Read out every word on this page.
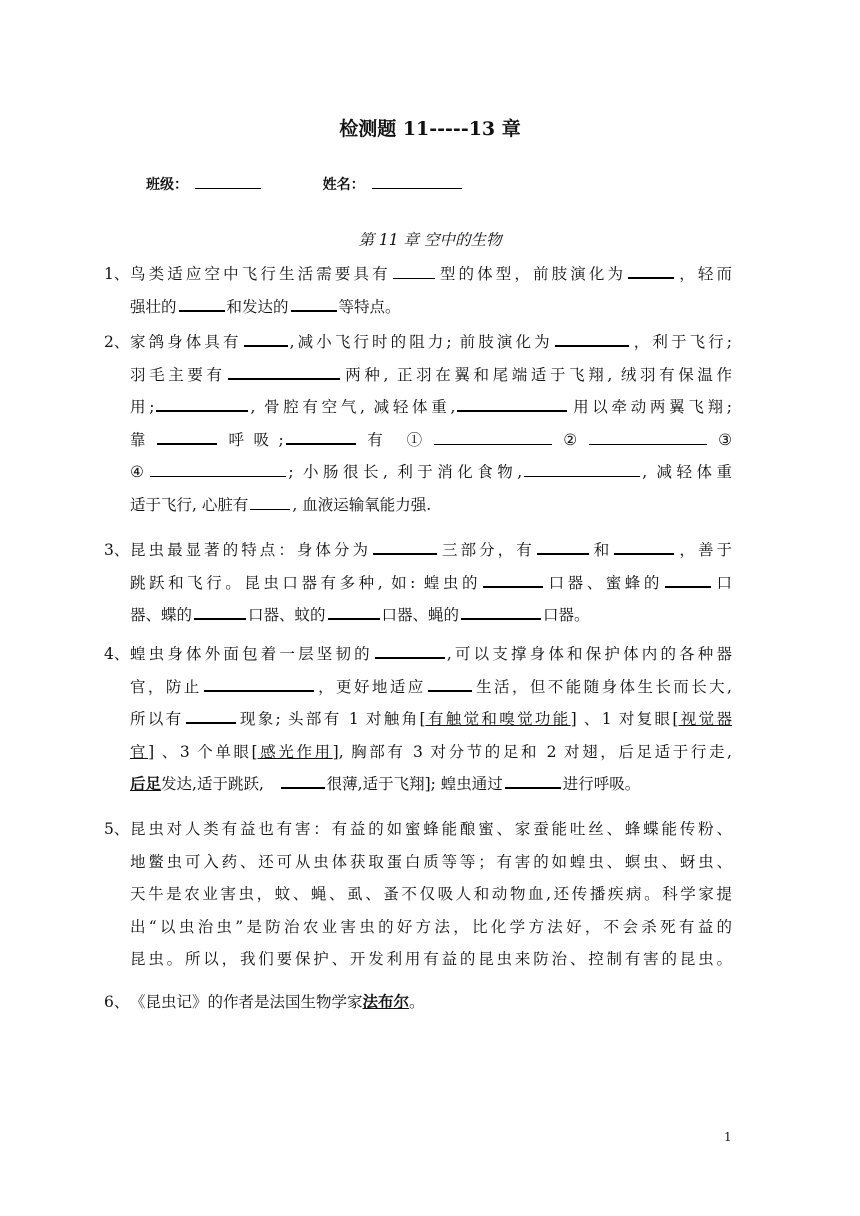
检测题 11-----13 章
班级：	姓名：
第 11 章 空中的生物
1、 鸟类适应空中飞行生活需要具有	型的体型，前肢演化为	，轻而
强壮的	和发达的	等特点。
2、 家鸽身体具有	,减小飞行时的阻力; 前肢演化为	，利于飞行;
羽毛主要有	两种, 正羽在翼和尾端适于飞翔, 绒羽有保温作
用;	, 骨腔有空气, 减轻体重,	用以牵动两翼飞翔;
靠	呼吸;	有 ①	②	③
④	; 小肠很长, 利于消化食物,	, 减轻体重
适于飞行, 心脏有	, 血液运输氧能力强.
3、 昆虫最显著的特点：身体分为	三部分，有	和	，善于
跳跃和飞行。昆虫口器有多种, 如: 蝗虫的	口器、蜜蜂的	口
器、蝶的	口器、蚊的	口器、蝇的	口器。
4、 蝗虫身体外面包着一层坚韧的	,可以支撑身体和保护体内的各种器
官，防止	，更好地适应	生活，但不能随身体生长而长大,
所以有	现象; 头部有 1 对触角[有触觉和嗅觉功能] 、1 对复眼[视觉器
官] 、3 个单眼[感光作用], 胸部有 3 对分节的足和 2 对翅，后足适于行走,
后足发达,适于跳跃,	很薄,适于飞翔]; 蝗虫通过	进行呼吸。
5、 昆虫对人类有益也有害：有益的如蜜蜂能酿蜜、家蚕能吐丝、蜂蝶能传粉、
地鳖虫可入药、还可从虫体获取蛋白质等等；有害的如蝗虫、螟虫、蚜虫、
天牛是农业害虫，蚊、蝇、虱、蚤不仅吸人和动物血,还传播疾病。科学家提
出“以虫治虫”是防治农业害虫的好方法，比化学方法好，不会杀死有益的
昆虫。所以，我们要保护、开发利用有益的昆虫来防治、控制有害的昆虫。
6、 《昆虫记》的作者是法国生物学家法布尔。
1
